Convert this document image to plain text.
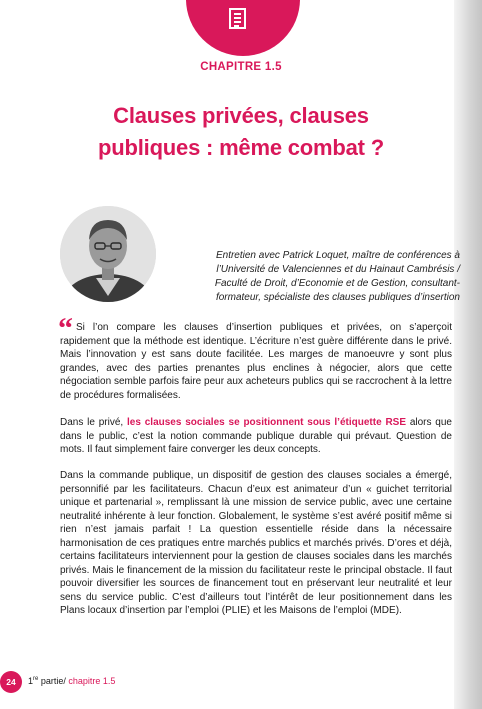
CHAPITRE 1.5
Clauses privées, clauses
publiques : même combat ?
Entretien avec Patrick Loquet, maître de conférences à
l’Université de Valenciennes et du Hainaut Cambrésis /
Faculté de Droit, d’Economie et de Gestion, consultant-
formateur, spécialiste des clauses publiques d’insertion
“ Si l’on compare les clauses d’insertion publiques et privées, on s’aperçoit rapidement que la méthode est identique. L’écriture n’est guère différente dans le privé. Mais l’innovation y est sans doute facilitée. Les marges de manoeuvre y sont plus grandes, avec des parties prenantes plus enclines à négocier, alors que cette négociation semble parfois faire peur aux acheteurs publics qui se raccrochent à la lettre de procédures formalisées.
Dans le privé, les clauses sociales se positionnent sous l’étiquette RSE alors que dans le public, c’est la notion commande publique durable qui prévaut. Question de mots. Il faut simplement faire converger les deux concepts.
Dans la commande publique, un dispositif de gestion des clauses sociales a émergé, personnifié par les facilitateurs. Chacun d’eux est animateur d’un « guichet territorial unique et partenarial », remplissant là une mission de service public, avec une certaine neutralité inhérente à leur fonction. Globalement, le système s’est avéré positif même si rien n’est jamais parfait ! La question essentielle réside dans la nécessaire harmonisation de ces pratiques entre marchés publics et marchés privés. D’ores et déjà, certains facilitateurs interviennent pour la gestion de clauses sociales dans les marchés privés. Mais le financement de la mission du facilitateur reste le principal obstacle. Il faut pouvoir diversifier les sources de financement tout en préservant leur neutralité et leur sens du service public. C’est d’ailleurs tout l’intérêt de leur positionnement dans les Plans locaux d’insertion par l’emploi (PLIE) et les Maisons de l’emploi (MDE).
24	1re partie/ chapitre 1.5
